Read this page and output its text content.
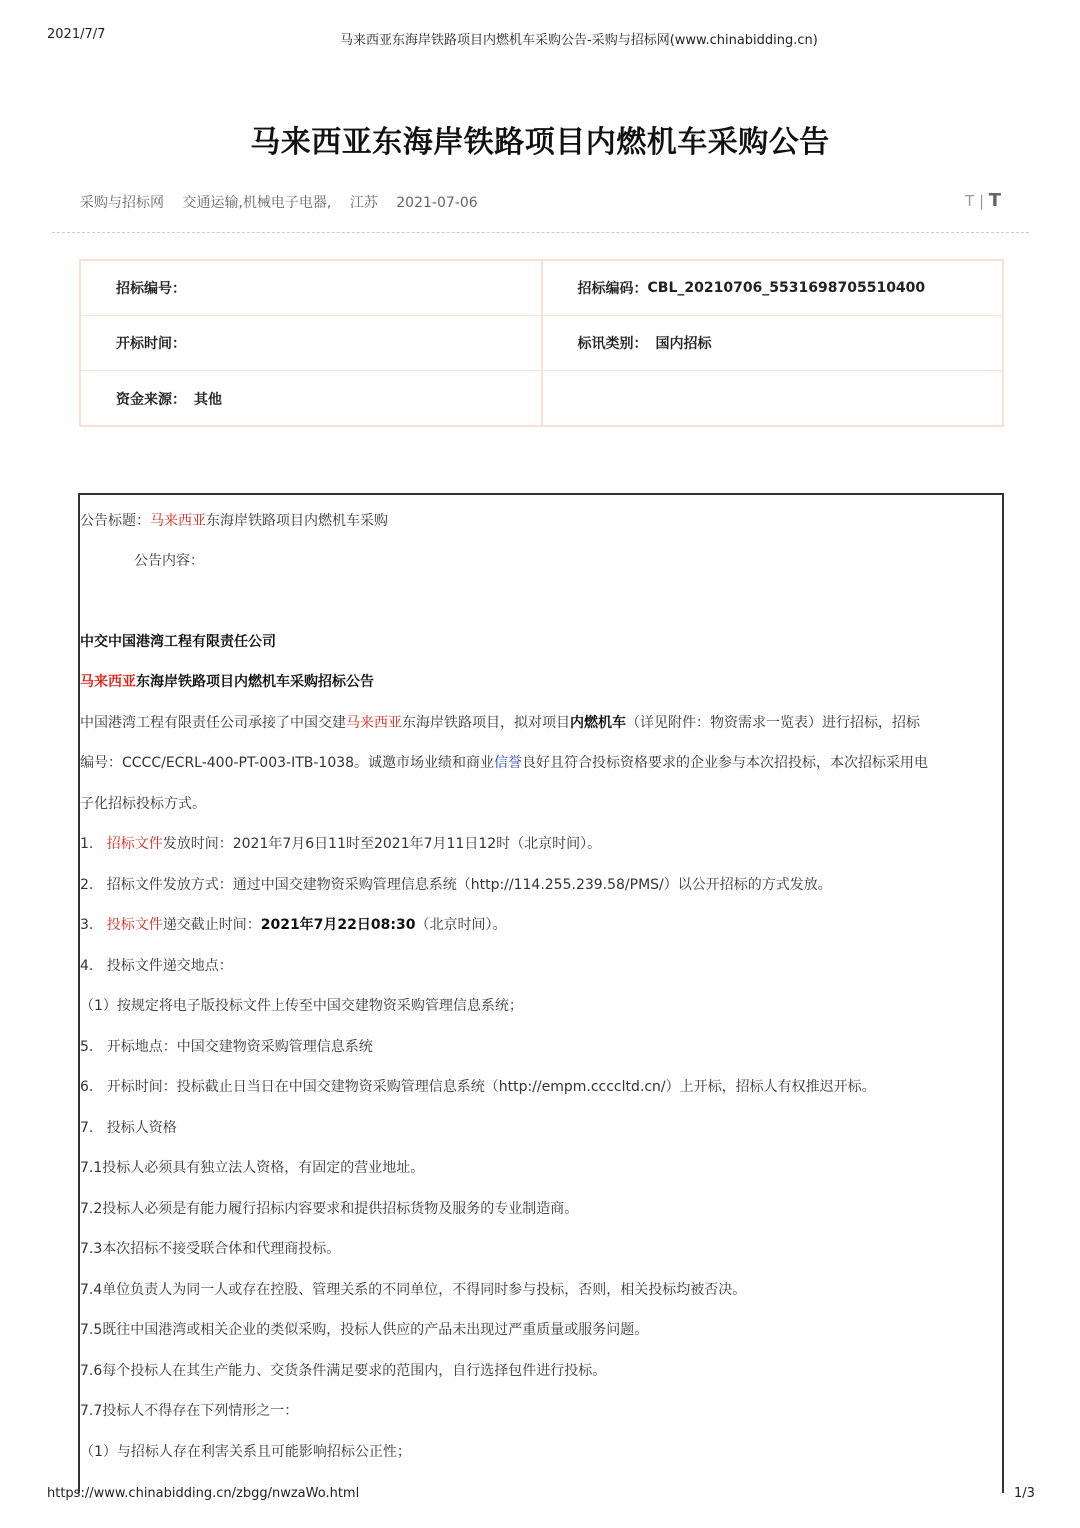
2021/7/7	马来西亚东海岸铁路项目内燃机车采购公告-采购与招标网(www.chinabidding.cn)
马来西亚东海岸铁路项目内燃机车采购公告
采购与招标网 交通运输,机械电子电器, 江苏 2021-07-06	T | T
招标编号：	招标编码： CBL_20210706_5531698705510400
开标时间：	标讯类别： 国内招标
资金来源： 其他
公告标题：马来西亚东海岸铁路项目内燃机车采购
公告内容：
中交中国港湾工程有限责任公司
马来西亚东海岸铁路项目内燃机车采购招标公告
中国港湾工程有限责任公司承接了中国交建马来西亚东海岸铁路项目，拟对项目内燃机车（详见附件：物资需求一览表）进行招标，招标
编号：CCCC/ECRL-400-PT-003-ITB-1038。诚邀市场业绩和商业信誉良好且符合投标资格要求的企业参与本次招投标，本次招标采用电
子化招标投标方式。
1. 招标文件发放时间：2021年7月6日11时至2021年7月11日12时（北京时间）。
2. 招标文件发放方式：通过中国交建物资采购管理信息系统（http://114.255.239.58/PMS/）以公开招标的方式发放。
3. 投标文件递交截止时间：2021年7月22日08:30（北京时间）。
4. 投标文件递交地点：
（1）按规定将电子版投标文件上传至中国交建物资采购管理信息系统；
5. 开标地点：中国交建物资采购管理信息系统
6. 开标时间：投标截止日当日在中国交建物资采购管理信息系统（http://empm.ccccltd.cn/）上开标，招标人有权推迟开标。
7. 投标人资格
7.1投标人必须具有独立法人资格，有固定的营业地址。
7.2投标人必须是有能力履行招标内容要求和提供招标货物及服务的专业制造商。
7.3本次招标不接受联合体和代理商投标。
7.4单位负责人为同一人或存在控股、管理关系的不同单位，不得同时参与投标，否则，相关投标均被否决。
7.5既往中国港湾或相关企业的类似采购，投标人供应的产品未出现过严重质量或服务问题。
7.6每个投标人在其生产能力、交货条件满足要求的范围内，自行选择包件进行投标。
7.7投标人不得存在下列情形之一：
（1）与招标人存在利害关系且可能影响招标公正性；
https://www.chinabidding.cn/zbgg/nwzaWo.html	1/3
